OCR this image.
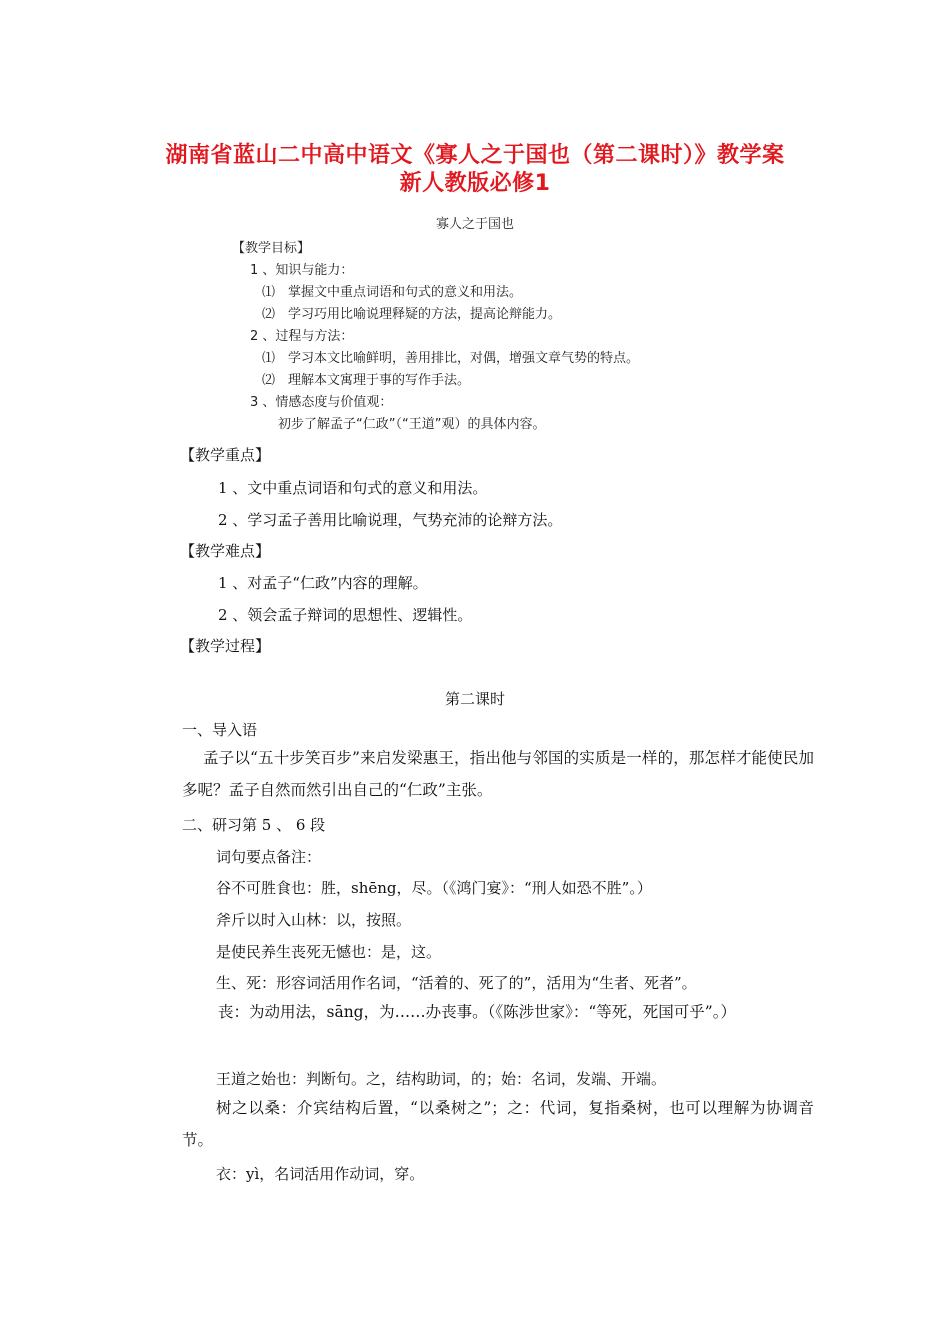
湖南省蓝山二中高中语文《寡人之于国也（第二课时）》教学案
新人教版必修1
寡人之于国也
【教学目标】
1 、知识与能力：
⑴　掌握文中重点词语和句式的意义和用法。
⑵　学习巧用比喻说理释疑的方法，提高论辩能力。
2 、过程与方法：
⑴　学习本文比喻鲜明，善用排比，对偶，增强文章气势的特点。
⑵　理解本文寓理于事的写作手法。
3 、情感态度与价值观：
初步了解孟子“仁政”（“王道”观）的具体内容。
【教学重点】
1 、文中重点词语和句式的意义和用法。
2 、学习孟子善用比喻说理，气势充沛的论辩方法。
【教学难点】
1 、对孟子“仁政”内容的理解。
2 、领会孟子辩词的思想性、逻辑性。
【教学过程】
第二课时
一、导入语
孟子以“五十步笑百步”来启发梁惠王，指出他与邻国的实质是一样的，那怎样才能使民加多呢？孟子自然而然引出自己的“仁政”主张。
二、研习第 5 、 6 段
词句要点备注：
谷不可胜食也：胜，shēng，尽。（《鸿门宴》：“刑人如恐不胜”。）
斧斤以时入山林：以，按照。
是使民养生丧死无憾也：是，这。
生、死：形容词活用作名词，“活着的、死了的”，活用为“生者、死者”。
丧：为动用法，sāng，为……办丧事。（《陈涉世家》：“等死，死国可乎”。）
王道之始也：判断句。之，结构助词，的；始：名词，发端、开端。
树之以桑：介宾结构后置，“以桑树之”；之：代词，复指桑树，也可以理解为协调音节。
衣：yì，名词活用作动词，穿。
